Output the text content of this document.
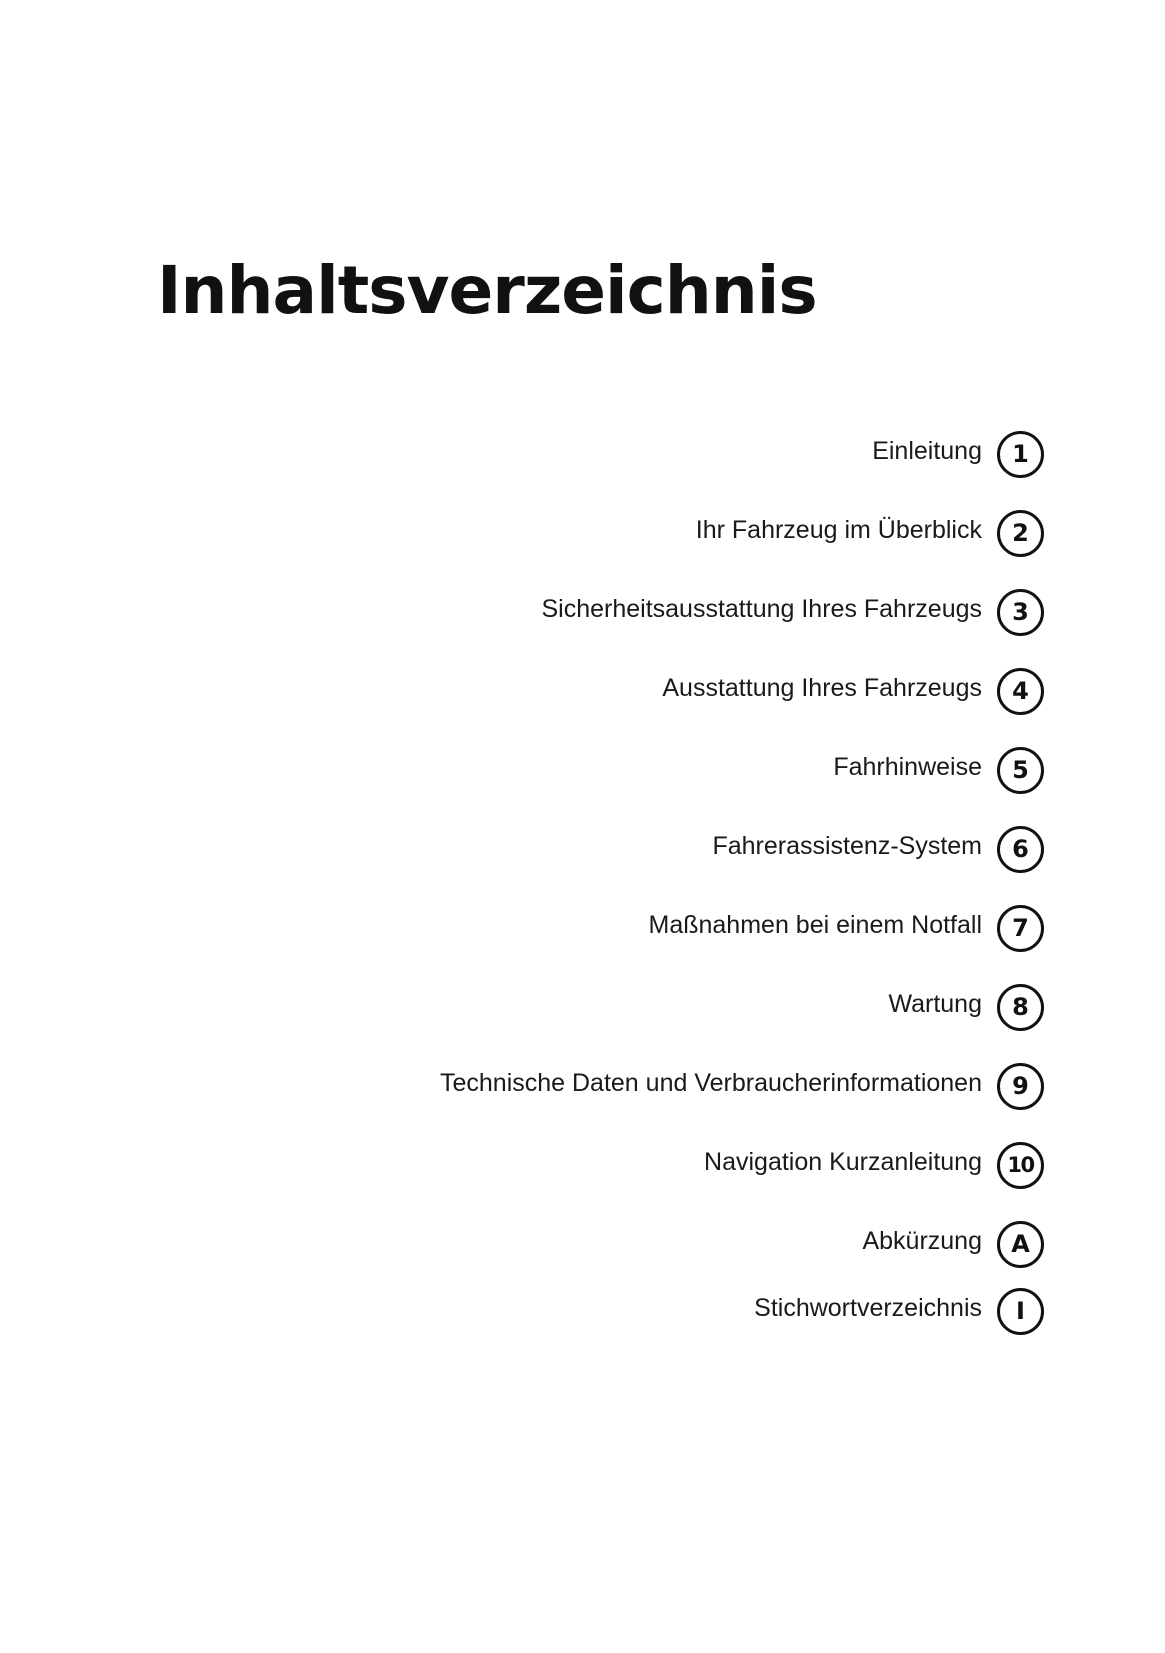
Inhaltsverzeichnis
Einleitung 1
Ihr Fahrzeug im Überblick 2
Sicherheitsausstattung Ihres Fahrzeugs 3
Ausstattung Ihres Fahrzeugs 4
Fahrhinweise 5
Fahrerassistenz-System 6
Maßnahmen bei einem Notfall 7
Wartung 8
Technische Daten und Verbraucherinformationen 9
Navigation Kurzanleitung 10
Abkürzung A
Stichwortverzeichnis I
